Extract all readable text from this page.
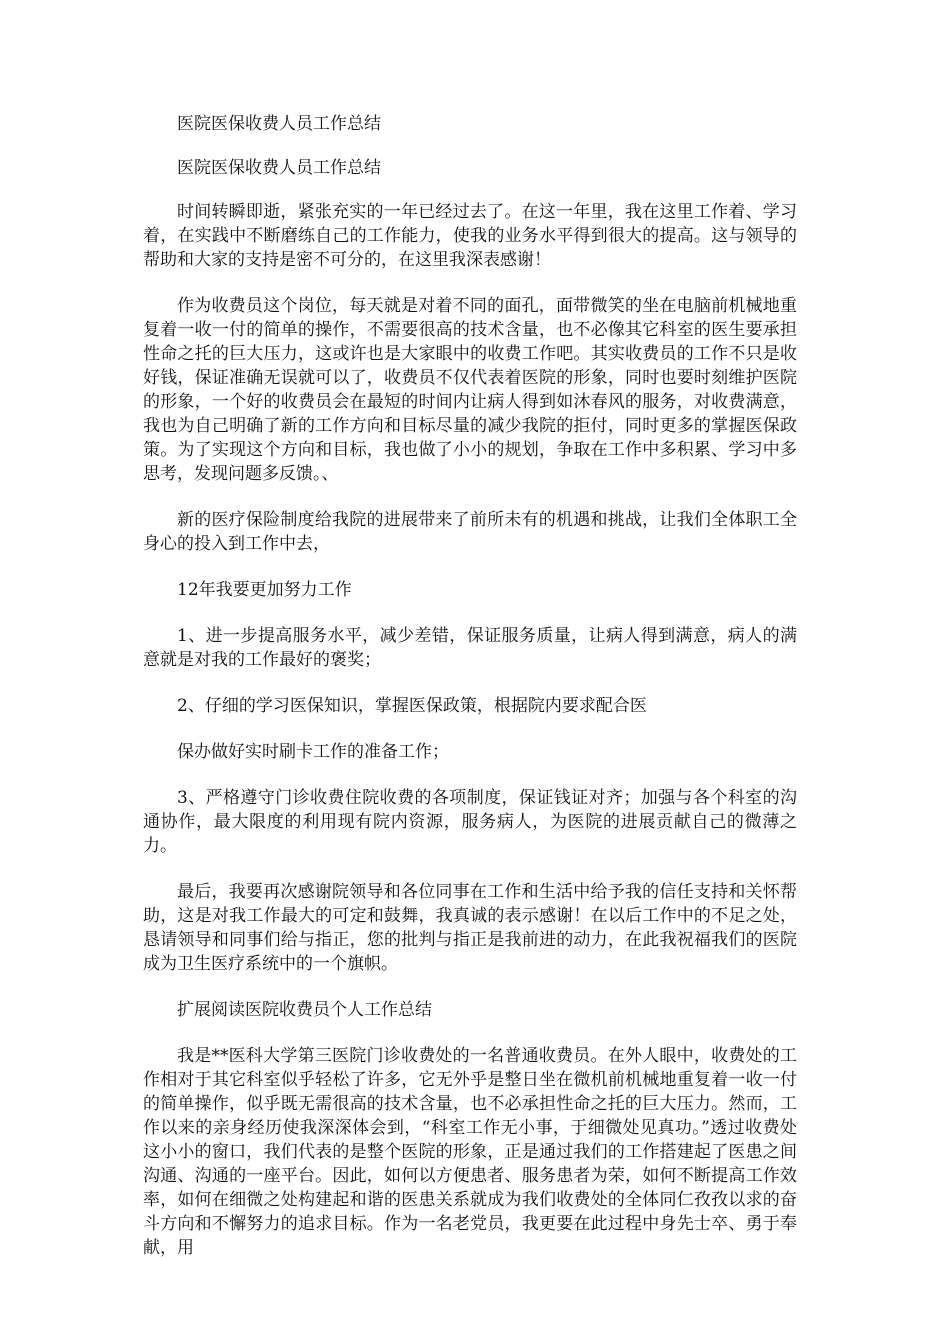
医院医保收费人员工作总结

医院医保收费人员工作总结

时间转瞬即逝，紧张充实的一年已经过去了。在这一年里，我在这里工作着、学习着，在实践中不断磨练自己的工作能力，使我的业务水平得到很大的提高。这与领导的帮助和大家的支持是密不可分的，在这里我深表感谢！

作为收费员这个岗位，每天就是对着不同的面孔，面带微笑的坐在电脑前机械地重复着一收一付的简单的操作，不需要很高的技术含量，也不必像其它科室的医生要承担性命之托的巨大压力，这或许也是大家眼中的收费工作吧。其实收费员的工作不只是收好钱，保证准确无误就可以了，收费员不仅代表着医院的形象，同时也要时刻维护医院的形象，一个好的收费员会在最短的时间内让病人得到如沐春风的服务，对收费满意，我也为自己明确了新的工作方向和目标尽量的减少我院的拒付，同时更多的掌握医保政策。为了实现这个方向和目标，我也做了小小的规划，争取在工作中多积累、学习中多思考，发现问题多反馈。、

新的医疗保险制度给我院的进展带来了前所未有的机遇和挑战，让我们全体职工全身心的投入到工作中去，

12年我要更加努力工作

1、进一步提高服务水平，减少差错，保证服务质量，让病人得到满意，病人的满意就是对我的工作最好的褒奖；

2、仔细的学习医保知识，掌握医保政策，根据院内要求配合医

保办做好实时刷卡工作的准备工作；

3、严格遵守门诊收费住院收费的各项制度，保证钱证对齐；加强与各个科室的沟通协作，最大限度的利用现有院内资源，服务病人，为医院的进展贡献自己的微薄之力。

最后，我要再次感谢院领导和各位同事在工作和生活中给予我的信任支持和关怀帮助，这是对我工作最大的可定和鼓舞，我真诚的表示感谢！在以后工作中的不足之处，恳请领导和同事们给与指正，您的批判与指正是我前进的动力，在此我祝福我们的医院成为卫生医疗系统中的一个旗帜。

扩展阅读医院收费员个人工作总结

我是**医科大学第三医院门诊收费处的一名普通收费员。在外人眼中，收费处的工作相对于其它科室似乎轻松了许多，它无外乎是整日坐在微机前机械地重复着一收一付的简单操作，似乎既无需很高的技术含量，也不必承担性命之托的巨大压力。然而，工作以来的亲身经历使我深深体会到，“科室工作无小事，于细微处见真功。”透过收费处这小小的窗口，我们代表的是整个医院的形象，正是通过我们的工作搭建起了医患之间沟通、沟通的一座平台。因此，如何以方便患者、服务患者为荣，如何不断提高工作效率，如何在细微之处构建起和谐的医患关系就成为我们收费处的全体同仁孜孜以求的奋斗方向和不懈努力的追求目标。作为一名老党员，我更要在此过程中身先士卒、勇于奉献，用
